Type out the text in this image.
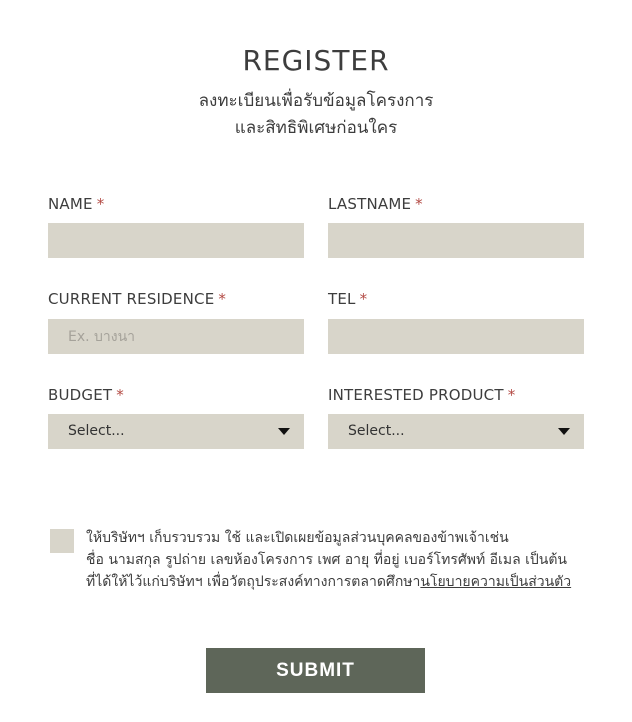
REGISTER
ลงทะเบียนเพื่อรับข้อมูลโครงการ
และสิทธิพิเศษก่อนใคร
NAME *	LASTNAME *
CURRENT RESIDENCE *
Ex. บางนา	TEL *
BUDGET *
Select...
INTERESTED PRODUCT *
Select...
ให้บริษัทฯ เก็บรวบรวม ใช้ และเปิดเผยข้อมูลส่วนบุคคลของข้าพเจ้าเช่น
ชื่อ นามสกุล รูปถ่าย เลขห้องโครงการ เพศ อายุ ที่อยู่ เบอร์โทรศัพท์ อีเมล เป็นต้น
ที่ได้ให้ไว้แก่บริษัทฯ เพื่อวัตถุประสงค์ทางการตลาดศึกษานโยบายความเป็นส่วนตัว
SUBMIT
